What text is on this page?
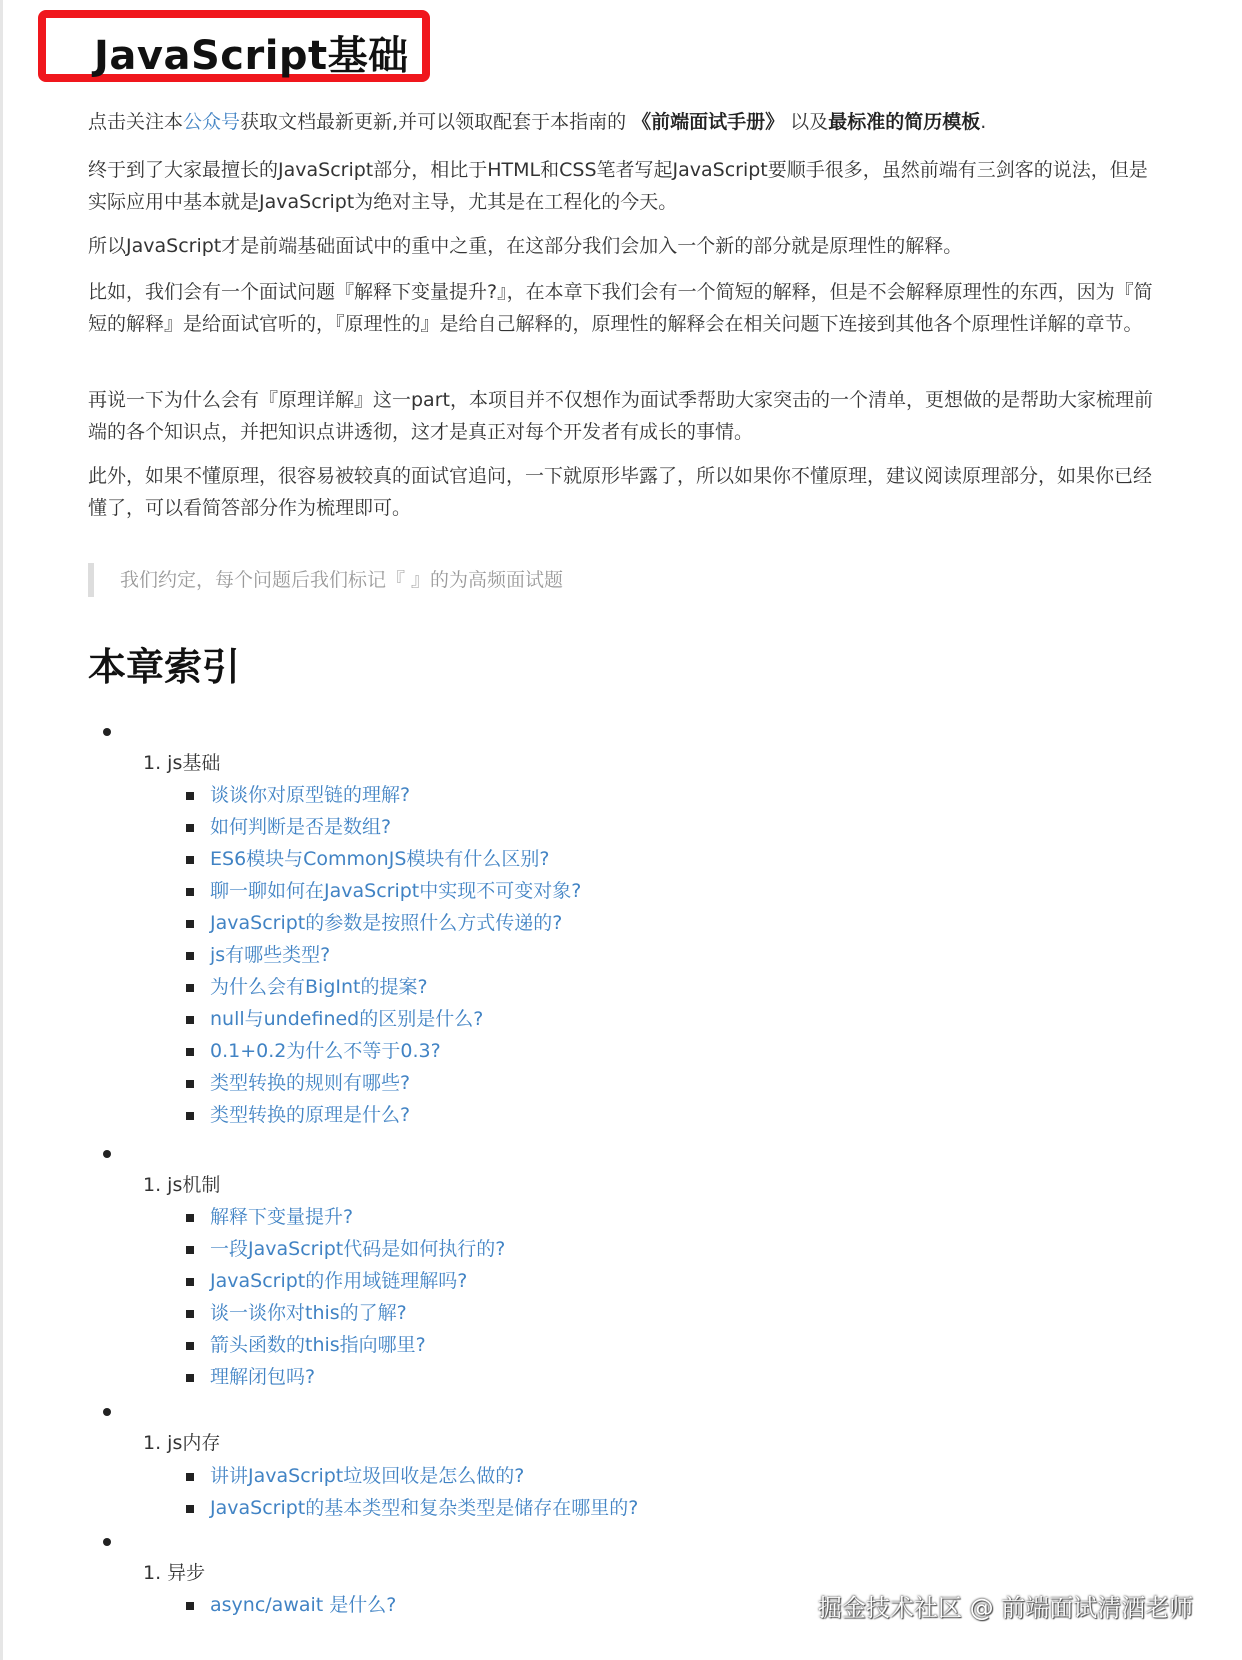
JavaScript基础
点击关注本公众号获取文档最新更新,并可以领取配套于本指南的 《前端面试手册》 以及最标准的简历模板.
终于到了大家最擅长的JavaScript部分，相比于HTML和CSS笔者写起JavaScript要顺手很多，虽然前端有三剑客的说法，但是实际应用中基本就是JavaScript为绝对主导，尤其是在工程化的今天。
所以JavaScript才是前端基础面试中的重中之重，在这部分我们会加入一个新的部分就是原理性的解释。
比如，我们会有一个面试问题『解释下变量提升?』，在本章下我们会有一个简短的解释，但是不会解释原理性的东西，因为『简短的解释』是给面试官听的，『原理性的』是给自己解释的，原理性的解释会在相关问题下连接到其他各个原理性详解的章节。
再说一下为什么会有『原理详解』这一part，本项目并不仅想作为面试季帮助大家突击的一个清单，更想做的是帮助大家梳理前端的各个知识点，并把知识点讲透彻，这才是真正对每个开发者有成长的事情。
此外，如果不懂原理，很容易被较真的面试官追问，一下就原形毕露了，所以如果你不懂原理，建议阅读原理部分，如果你已经懂了，可以看简答部分作为梳理即可。
我们约定，每个问题后我们标记『 』的为高频面试题
本章索引
1. js基础
谈谈你对原型链的理解?
如何判断是否是数组?
ES6模块与CommonJS模块有什么区别?
聊一聊如何在JavaScript中实现不可变对象?
JavaScript的参数是按照什么方式传递的?
js有哪些类型?
为什么会有BigInt的提案?
null与undefined的区别是什么?
0.1+0.2为什么不等于0.3?
类型转换的规则有哪些?
类型转换的原理是什么?
1. js机制
解释下变量提升?
一段JavaScript代码是如何执行的?
JavaScript的作用域链理解吗?
谈一谈你对this的了解?
箭头函数的this指向哪里?
理解闭包吗?
1. js内存
讲讲JavaScript垃圾回收是怎么做的?
JavaScript的基本类型和复杂类型是储存在哪里的?
1. 异步
async/await 是什么?	掘金技术社区 @ 前端面试清酒老师
